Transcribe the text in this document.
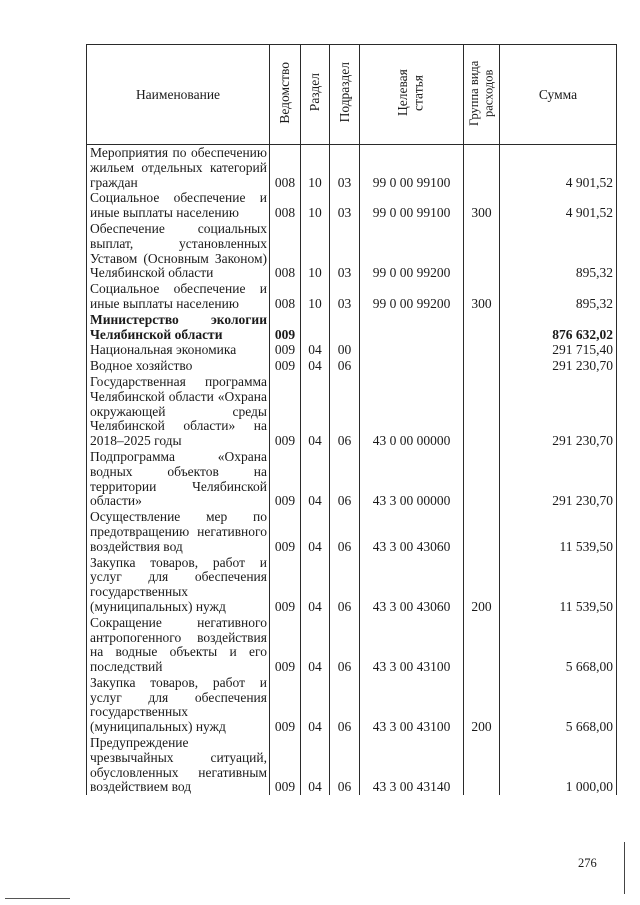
Наименование	Ведомство	Раздел	Подраздел	Целевая статья	Группа вида расходов	Сумма
Мероприятия по обеспечению жильем отдельных категорий граждан	008	10	03	99 0 00 99100		4 901,52
Социальное обеспечение и иные выплаты населению	008	10	03	99 0 00 99100	300	4 901,52
Обеспечение социальных выплат, установленных Уставом (Основным Законом) Челябинской области	008	10	03	99 0 00 99200		895,32
Социальное обеспечение и иные выплаты населению	008	10	03	99 0 00 99200	300	895,32
Министерство экологии Челябинской области	009					876 632,02
Национальная экономика	009	04	00			291 715,40
Водное хозяйство	009	04	06			291 230,70
Государственная программа Челябинской области «Охрана окружающей среды Челябинской области» на 2018–2025 годы	009	04	06	43 0 00 00000		291 230,70
Подпрограмма «Охрана водных объектов на территории Челябинской области»	009	04	06	43 3 00 00000		291 230,70
Осуществление мер по предотвращению негативного воздействия вод	009	04	06	43 3 00 43060		11 539,50
Закупка товаров, работ и услуг для обеспечения государственных (муниципальных) нужд	009	04	06	43 3 00 43060	200	11 539,50
Сокращение негативного антропогенного воздействия на водные объекты и его последствий	009	04	06	43 3 00 43100		5 668,00
Закупка товаров, работ и услуг для обеспечения государственных (муниципальных) нужд	009	04	06	43 3 00 43100	200	5 668,00
Предупреждение чрезвычайных ситуаций, обусловленных негативным воздействием вод	009	04	06	43 3 00 43140		1 000,00
276
